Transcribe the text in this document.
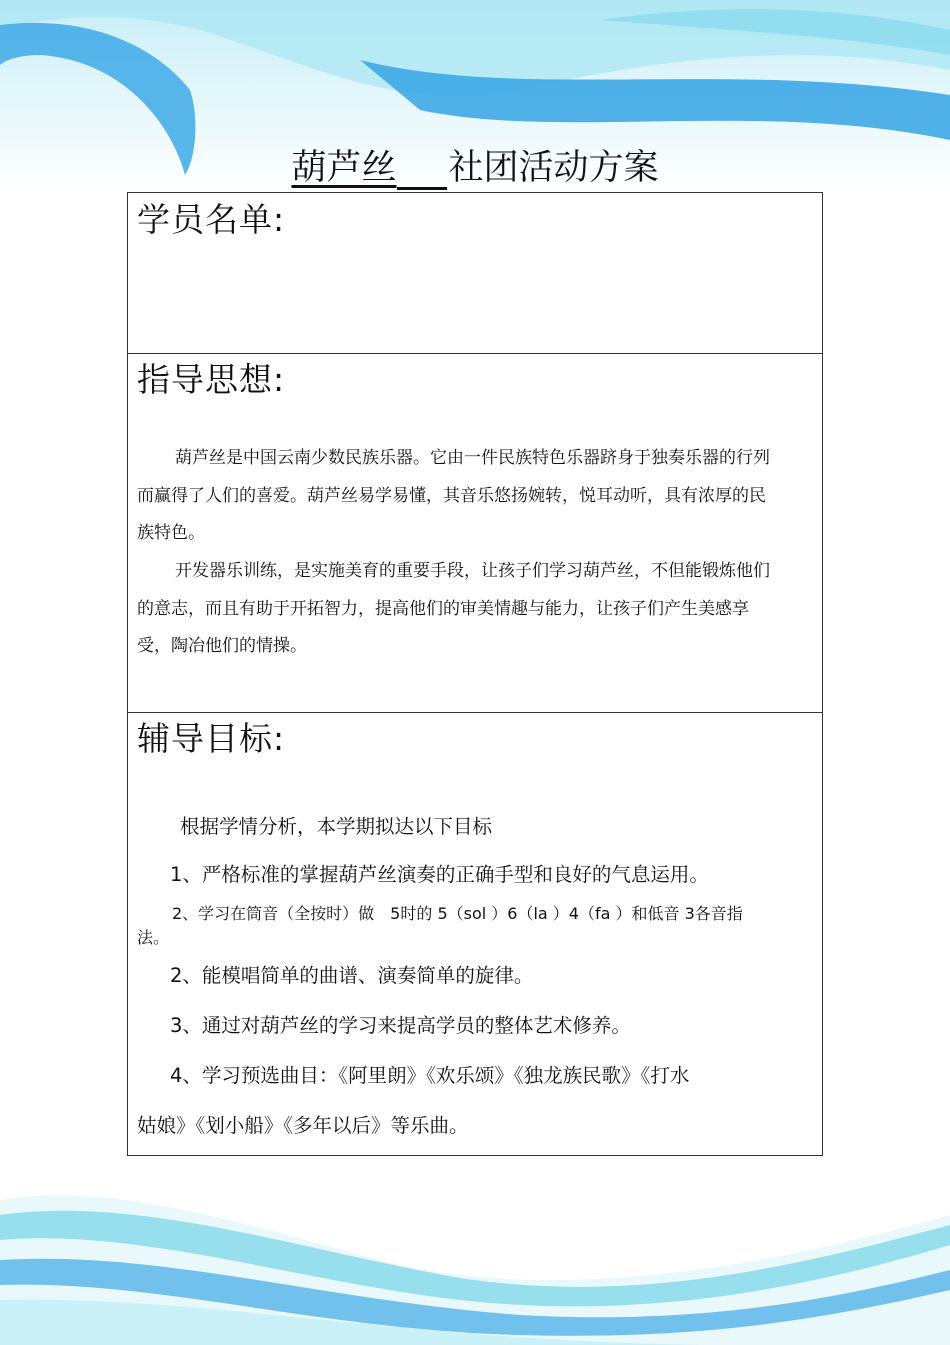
葫芦丝 社团活动方案
学员名单:
指导思想:

葫芦丝是中国云南少数民族乐器。它由一件民族特色乐器跻身于独奏乐器的行列而赢得了人们的喜爱。葫芦丝易学易懂，其音乐悠扬婉转，悦耳动听，具有浓厚的民族特色。

开发器乐训练，是实施美育的重要手段，让孩子们学习葫芦丝，不但能锻炼他们的意志，而且有助于开拓智力，提高他们的审美情趣与能力，让孩子们产生美感享受，陶冶他们的情操。

辅导目标:
根据学情分析，本学期拟达以下目标
1、严格标准的掌握葫芦丝演奏的正确手型和良好的气息运用。
2、学习在筒音（全按时）做　5时的 5（sol ）6（la ）4（fa ）和低音 3各音指
法。
2、能模唱简单的曲谱、演奏简单的旋律。
3、通过对葫芦丝的学习来提高学员的整体艺术修养。
4、学习预选曲目：《阿里朗》《欢乐颂》《独龙族民歌》《打水
姑娘》《划小船》《多年以后》等乐曲。
